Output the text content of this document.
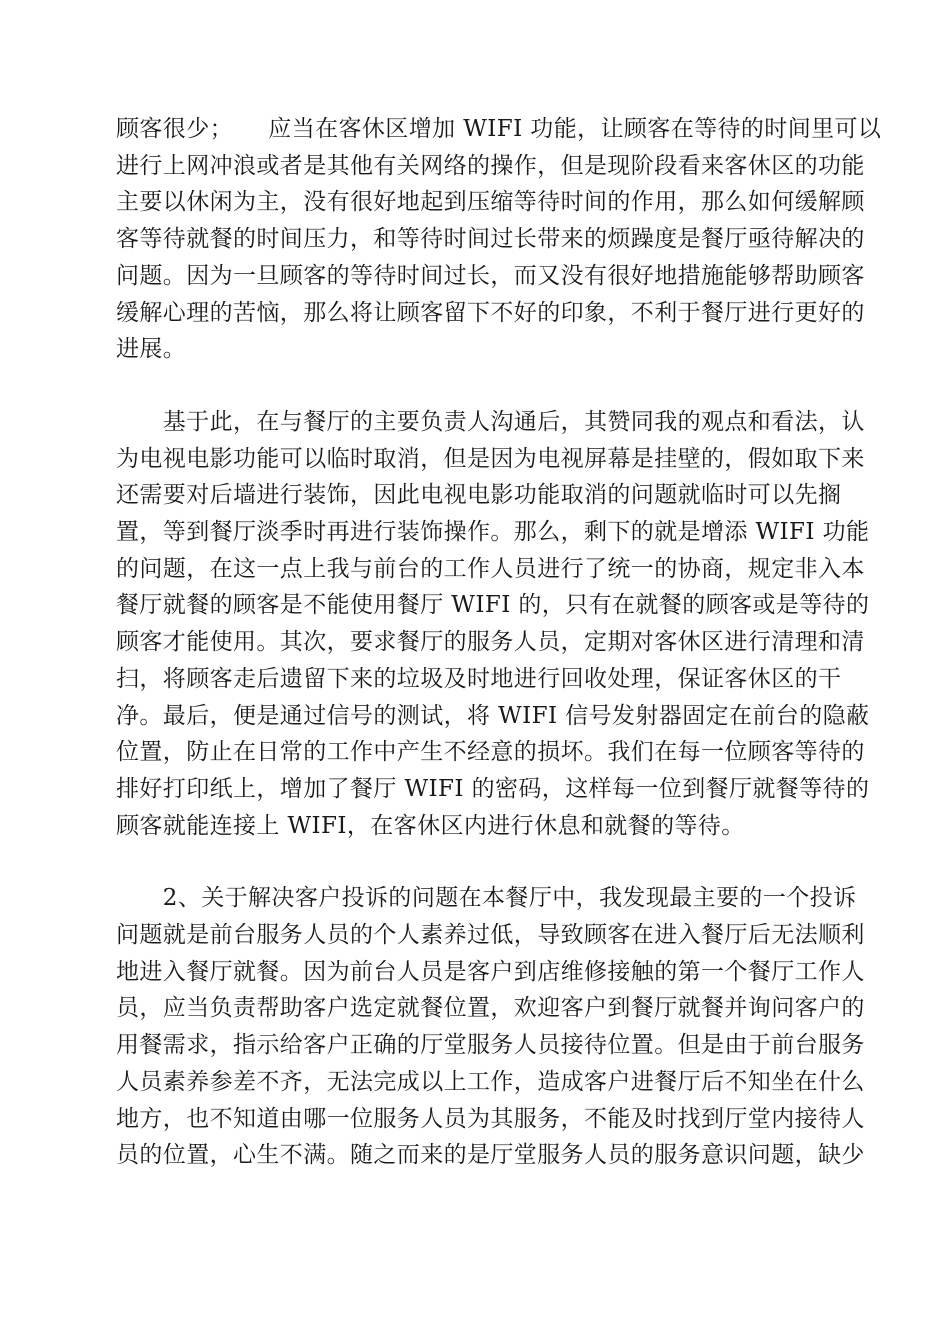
顾客很少；　　应当在客休区增加 WIFI 功能，让顾客在等待的时间里可以
进行上网冲浪或者是其他有关网络的操作，但是现阶段看来客休区的功能
主要以休闲为主，没有很好地起到压缩等待时间的作用，那么如何缓解顾
客等待就餐的时间压力，和等待时间过长带来的烦躁度是餐厅亟待解决的
问题。因为一旦顾客的等待时间过长，而又没有很好地措施能够帮助顾客
缓解心理的苦恼，那么将让顾客留下不好的印象，不利于餐厅进行更好的
进展。
　　基于此，在与餐厅的主要负责人沟通后，其赞同我的观点和看法，认
为电视电影功能可以临时取消，但是因为电视屏幕是挂壁的，假如取下来
还需要对后墙进行装饰，因此电视电影功能取消的问题就临时可以先搁
置，等到餐厅淡季时再进行装饰操作。那么，剩下的就是增添 WIFI 功能
的问题，在这一点上我与前台的工作人员进行了统一的协商，规定非入本
餐厅就餐的顾客是不能使用餐厅 WIFI 的，只有在就餐的顾客或是等待的
顾客才能使用。其次，要求餐厅的服务人员，定期对客休区进行清理和清
扫，将顾客走后遗留下来的垃圾及时地进行回收处理，保证客休区的干
净。最后，便是通过信号的测试，将 WIFI 信号发射器固定在前台的隐蔽
位置，防止在日常的工作中产生不经意的损坏。我们在每一位顾客等待的
排好打印纸上，增加了餐厅 WIFI 的密码，这样每一位到餐厅就餐等待的
顾客就能连接上 WIFI，在客休区内进行休息和就餐的等待。
　　2、关于解决客户投诉的问题在本餐厅中，我发现最主要的一个投诉
问题就是前台服务人员的个人素养过低，导致顾客在进入餐厅后无法顺利
地进入餐厅就餐。因为前台人员是客户到店维修接触的第一个餐厅工作人
员，应当负责帮助客户选定就餐位置，欢迎客户到餐厅就餐并询问客户的
用餐需求，指示给客户正确的厅堂服务人员接待位置。但是由于前台服务
人员素养参差不齐，无法完成以上工作，造成客户进餐厅后不知坐在什么
地方，也不知道由哪一位服务人员为其服务，不能及时找到厅堂内接待人
员的位置，心生不满。随之而来的是厅堂服务人员的服务意识问题，缺少
